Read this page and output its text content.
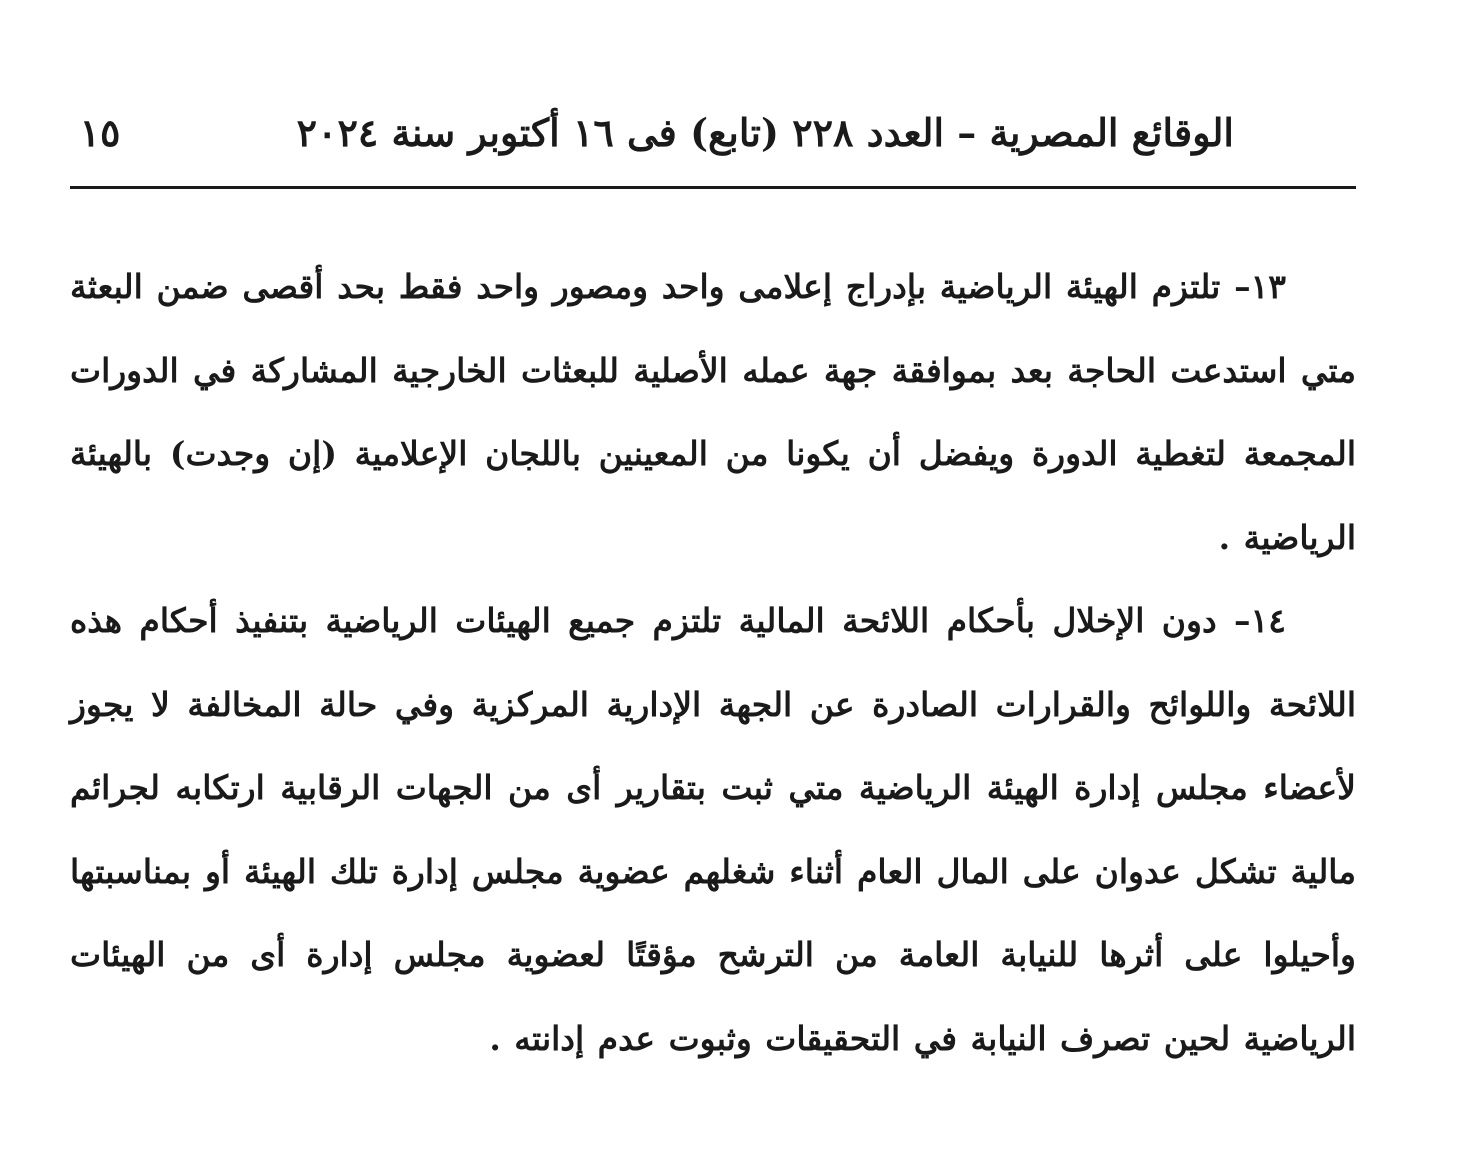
الوقائع المصرية – العدد ٢٢٨ (تابع) فى ١٦ أكتوبر سنة ٢٠٢٤
١٥

١٣– تلتزم الهيئة الرياضية بإدراج إعلامى واحد ومصور واحد فقط بحد أقصى ضمن البعثة متي استدعت الحاجة بعد بموافقة جهة عمله الأصلية للبعثات الخارجية المشاركة في الدورات المجمعة لتغطية الدورة ويفضل أن يكونا من المعينين باللجان الإعلامية (إن وجدت) بالهيئة الرياضية .

١٤– دون الإخلال بأحكام اللائحة المالية تلتزم جميع الهيئات الرياضية بتنفيذ أحكام هذه اللائحة واللوائح والقرارات الصادرة عن الجهة الإدارية المركزية وفي حالة المخالفة لا يجوز لأعضاء مجلس إدارة الهيئة الرياضية متي ثبت بتقارير أى من الجهات الرقابية ارتكابه لجرائم مالية تشكل عدوان على المال العام أثناء شغلهم عضوية مجلس إدارة تلك الهيئة أو بمناسبتها وأحيلوا على أثرها للنيابة العامة من الترشح مؤقتًا لعضوية مجلس إدارة أى من الهيئات الرياضية لحين تصرف النيابة في التحقيقات وثبوت عدم إدانته .
